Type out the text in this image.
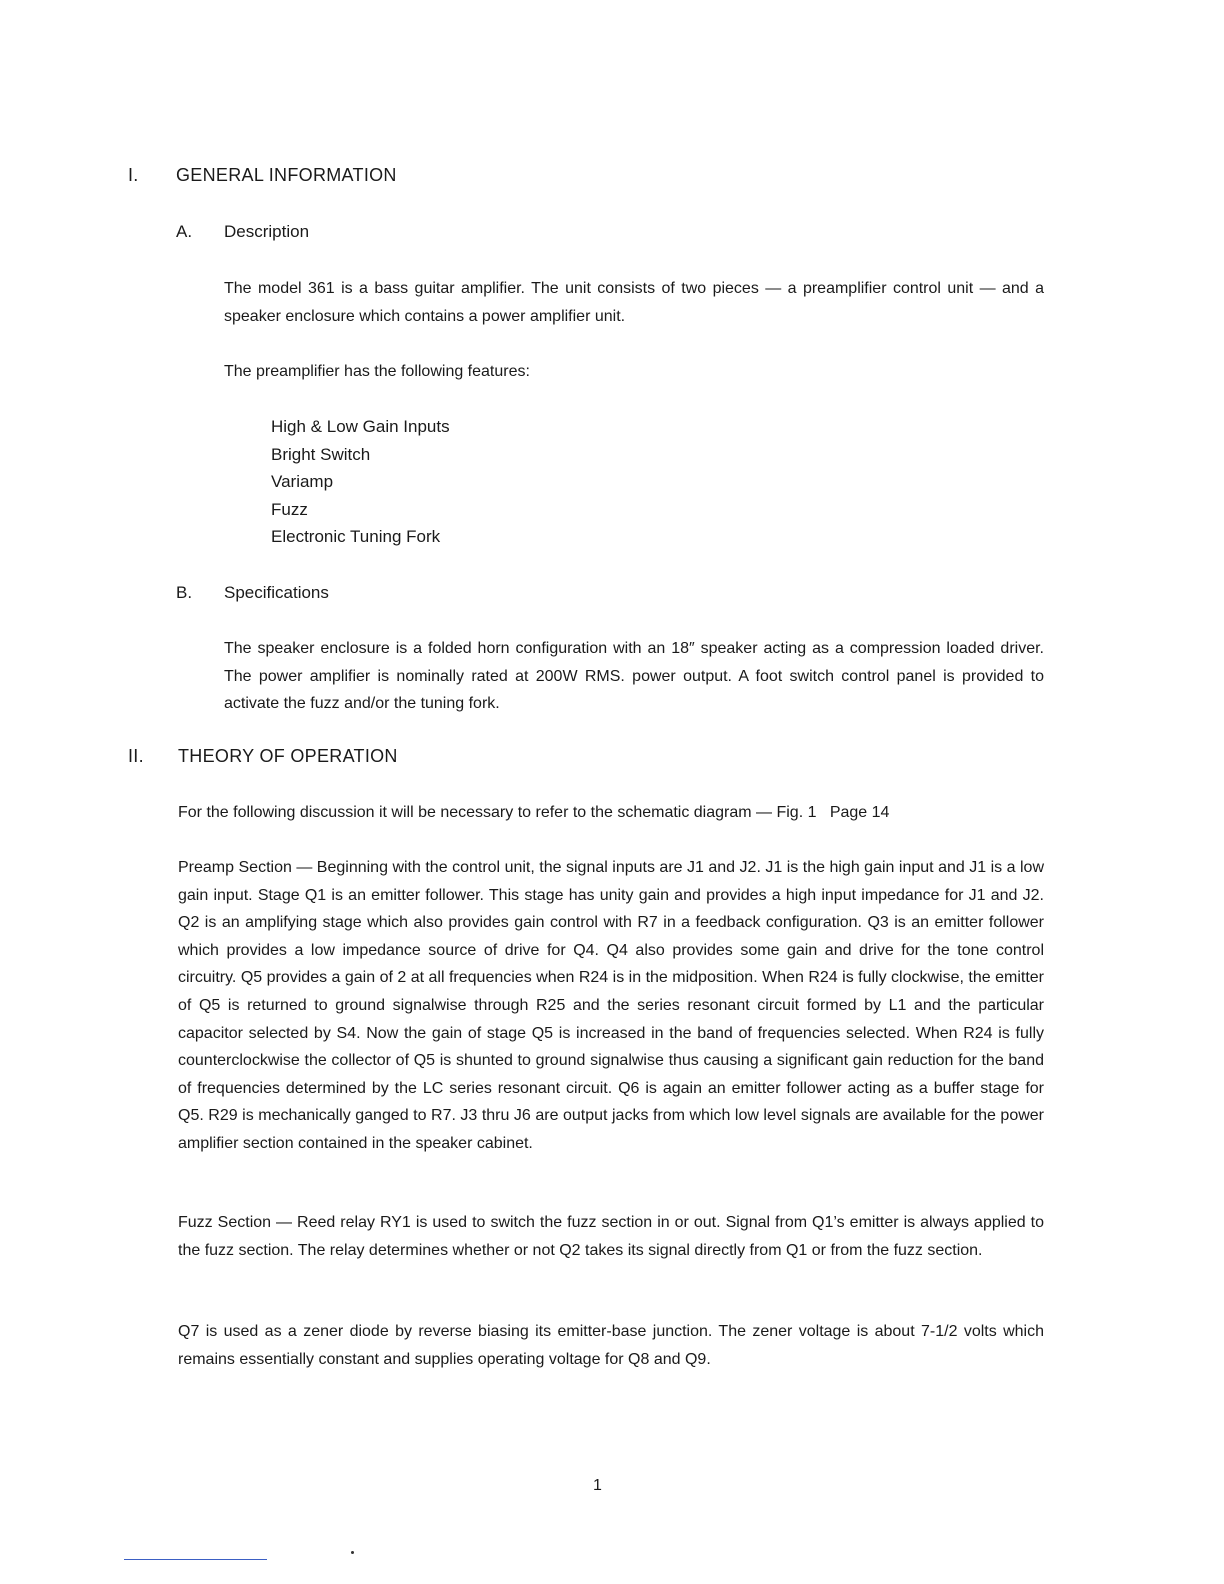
I. GENERAL INFORMATION
A. Description
The model 361 is a bass guitar amplifier. The unit consists of two pieces — a preamplifier control unit — and a speaker enclosure which contains a power amplifier unit.
The preamplifier has the following features:
High & Low Gain Inputs
Bright Switch
Variamp
Fuzz
Electronic Tuning Fork
B. Specifications
The speaker enclosure is a folded horn configuration with an 18″ speaker acting as a compression loaded driver. The power amplifier is nominally rated at 200W RMS. power output. A foot switch control panel is provided to activate the fuzz and/or the tuning fork.
II. THEORY OF OPERATION
For the following discussion it will be necessary to refer to the schematic diagram — Fig. 1   Page 14
Preamp Section — Beginning with the control unit, the signal inputs are J1 and J2. J1 is the high gain input and J1 is a low gain input. Stage Q1 is an emitter follower. This stage has unity gain and provides a high input impedance for J1 and J2. Q2 is an amplifying stage which also provides gain control with R7 in a feedback configuration. Q3 is an emitter follower which provides a low impedance source of drive for Q4. Q4 also provides some gain and drive for the tone control circuitry. Q5 provides a gain of 2 at all frequencies when R24 is in the midposition. When R24 is fully clockwise, the emitter of Q5 is returned to ground signalwise through R25 and the series resonant circuit formed by L1 and the particular capacitor selected by S4. Now the gain of stage Q5 is increased in the band of frequencies selected. When R24 is fully counterclockwise the collector of Q5 is shunted to ground signalwise thus causing a significant gain reduction for the band of frequencies determined by the LC series resonant circuit. Q6 is again an emitter follower acting as a buffer stage for Q5. R29 is mechanically ganged to R7. J3 thru J6 are output jacks from which low level signals are available for the power amplifier section contained in the speaker cabinet.
Fuzz Section — Reed relay RY1 is used to switch the fuzz section in or out. Signal from Q1’s emitter is always applied to the fuzz section. The relay determines whether or not Q2 takes its signal directly from Q1 or from the fuzz section.
Q7 is used as a zener diode by reverse biasing its emitter-base junction. The zener voltage is about 7-1/2 volts which remains essentially constant and supplies operating voltage for Q8 and Q9.
1
